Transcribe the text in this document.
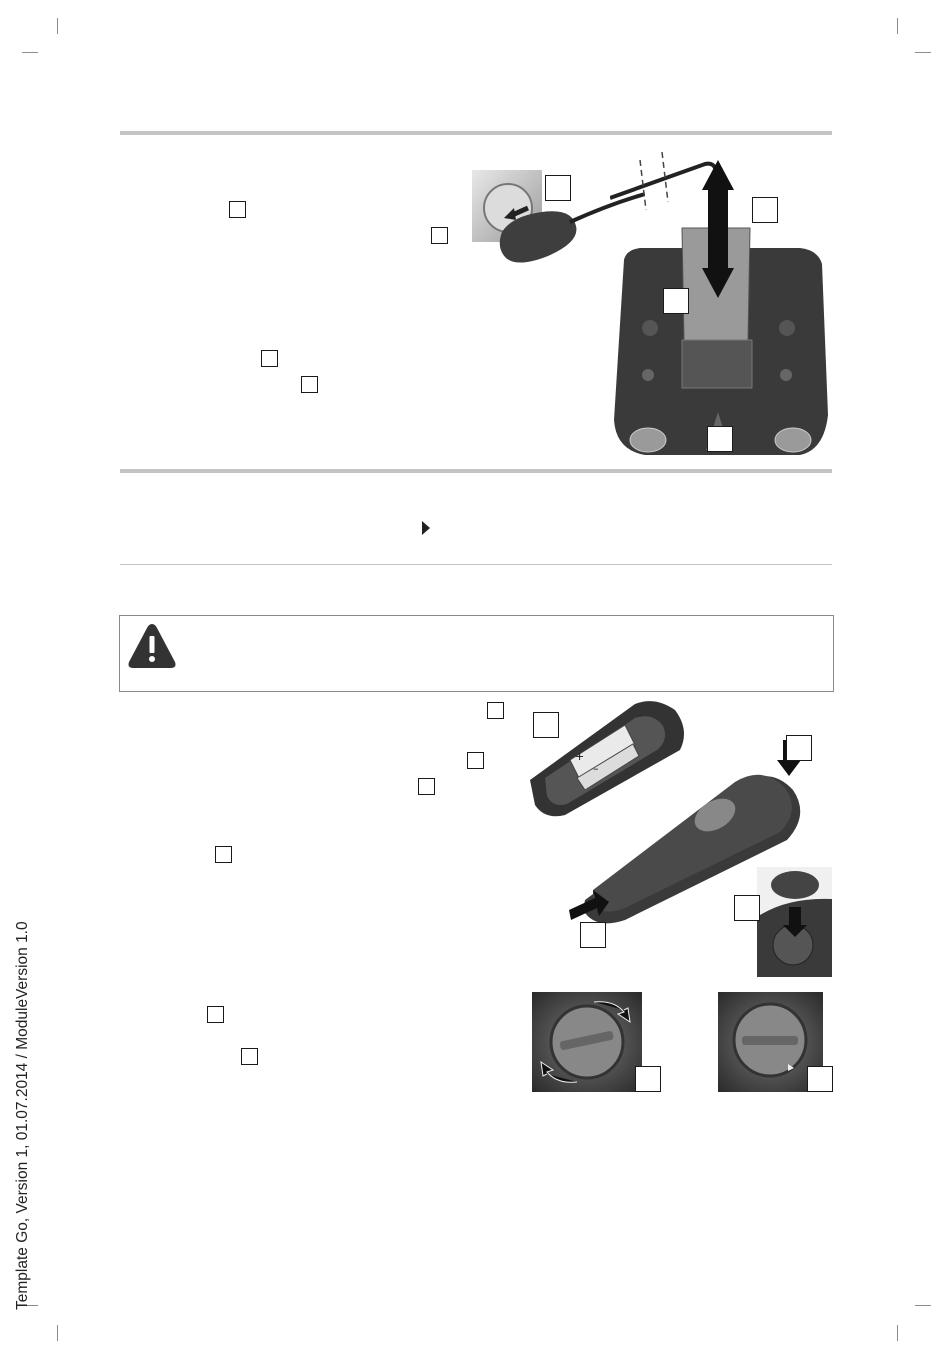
Template Go, Version 1, 01.07.2014 / ModuleVersion 1.0
+
–
